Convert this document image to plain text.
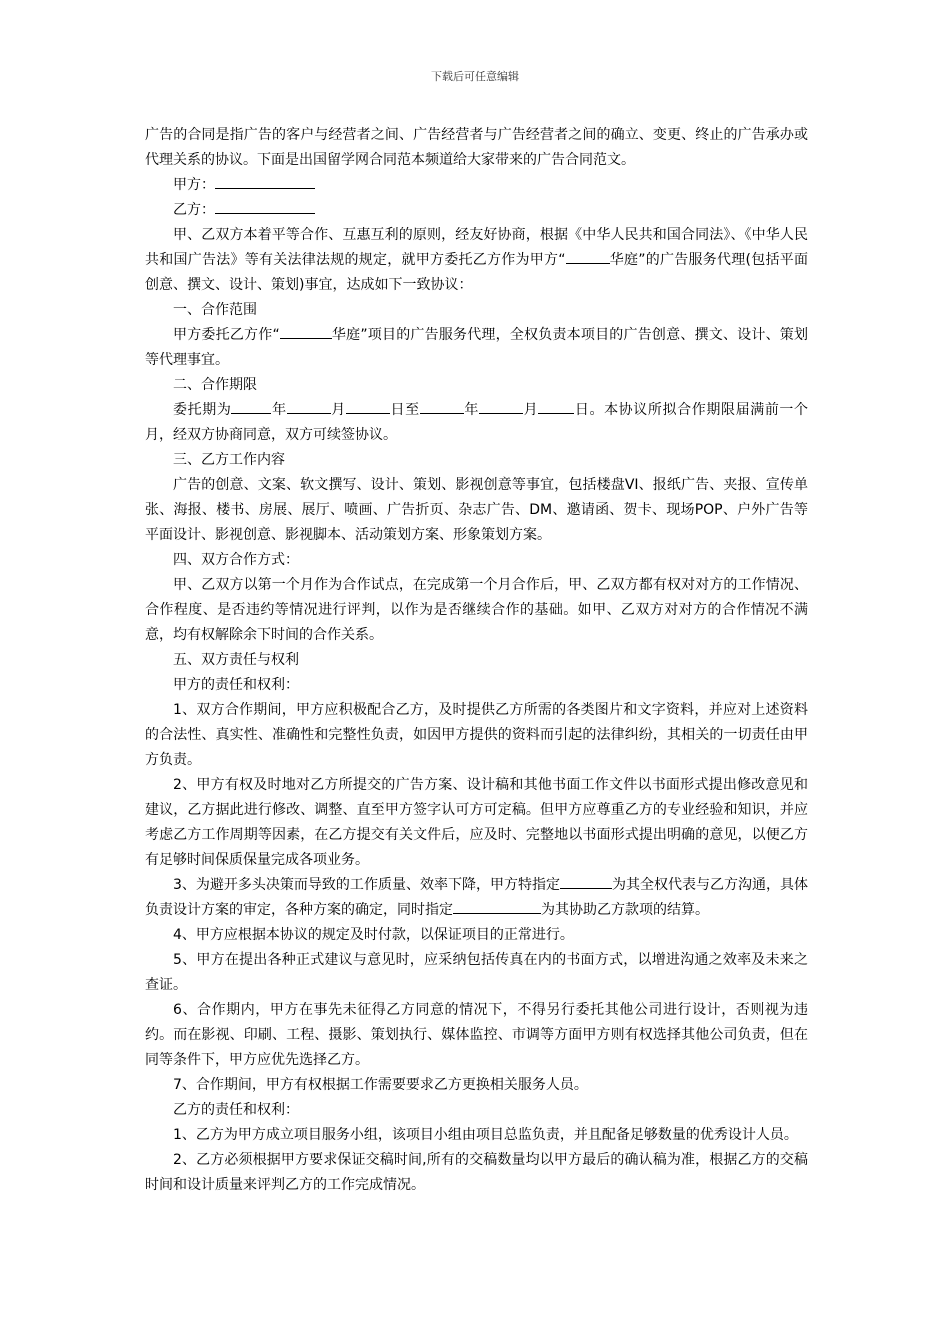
下载后可任意编辑

广告的合同是指广告的客户与经营者之间、广告经营者与广告经营者之间的确立、变更、终止的广告承办或代理关系的协议。下面是出国留学网合同范本频道给大家带来的广告合同范文。

甲方：

乙方：

甲、乙双方本着平等合作、互惠互利的原则，经友好协商，根据《中华人民共和国合同法》、《中华人民共和国广告法》等有关法律法规的规定，就甲方委托乙方作为甲方“	华庭”的广告服务代理(包括平面创意、撰文、设计、策划)事宜，达成如下一致协议：

一、合作范围

甲方委托乙方作“	华庭”项目的广告服务代理，全权负责本项目的广告创意、撰文、设计、策划等代理事宜。

二、合作期限

委托期为	年	月	日至	年	月	日。本协议所拟合作期限届满前一个月，经双方协商同意，双方可续签协议。

三、乙方工作内容

广告的创意、文案、软文撰写、设计、策划、影视创意等事宜，包括楼盘VI、报纸广告、夹报、宣传单张、海报、楼书、房展、展厅、喷画、广告折页、杂志广告、DM、邀请函、贺卡、现场POP、户外广告等平面设计、影视创意、影视脚本、活动策划方案、形象策划方案。

四、双方合作方式：

甲、乙双方以第一个月作为合作试点，在完成第一个月合作后，甲、乙双方都有权对对方的工作情况、合作程度、是否违约等情况进行评判，以作为是否继续合作的基础。如甲、乙双方对对方的合作情况不满意，均有权解除余下时间的合作关系。

五、双方责任与权利

甲方的责任和权利：

1、双方合作期间，甲方应积极配合乙方，及时提供乙方所需的各类图片和文字资料，并应对上述资料的合法性、真实性、准确性和完整性负责，如因甲方提供的资料而引起的法律纠纷，其相关的一切责任由甲方负责。

2、甲方有权及时地对乙方所提交的广告方案、设计稿和其他书面工作文件以书面形式提出修改意见和建议，乙方据此进行修改、调整、直至甲方签字认可方可定稿。但甲方应尊重乙方的专业经验和知识，并应考虑乙方工作周期等因素，在乙方提交有关文件后，应及时、完整地以书面形式提出明确的意见，以便乙方有足够时间保质保量完成各项业务。

3、为避开多头决策而导致的工作质量、效率下降，甲方特指定	为其全权代表与乙方沟通，具体负责设计方案的审定，各种方案的确定，同时指定	为其协助乙方款项的结算。

4、甲方应根据本协议的规定及时付款，以保证项目的正常进行。

5、甲方在提出各种正式建议与意见时，应采纳包括传真在内的书面方式，以增进沟通之效率及未来之查证。

6、合作期内，甲方在事先未征得乙方同意的情况下，不得另行委托其他公司进行设计，否则视为违约。而在影视、印刷、工程、摄影、策划执行、媒体监控、市调等方面甲方则有权选择其他公司负责，但在同等条件下，甲方应优先选择乙方。

7、合作期间，甲方有权根据工作需要要求乙方更换相关服务人员。

乙方的责任和权利：

1、乙方为甲方成立项目服务小组，该项目小组由项目总监负责，并且配备足够数量的优秀设计人员。

2、乙方必须根据甲方要求保证交稿时间,所有的交稿数量均以甲方最后的确认稿为准，根据乙方的交稿时间和设计质量来评判乙方的工作完成情况。
